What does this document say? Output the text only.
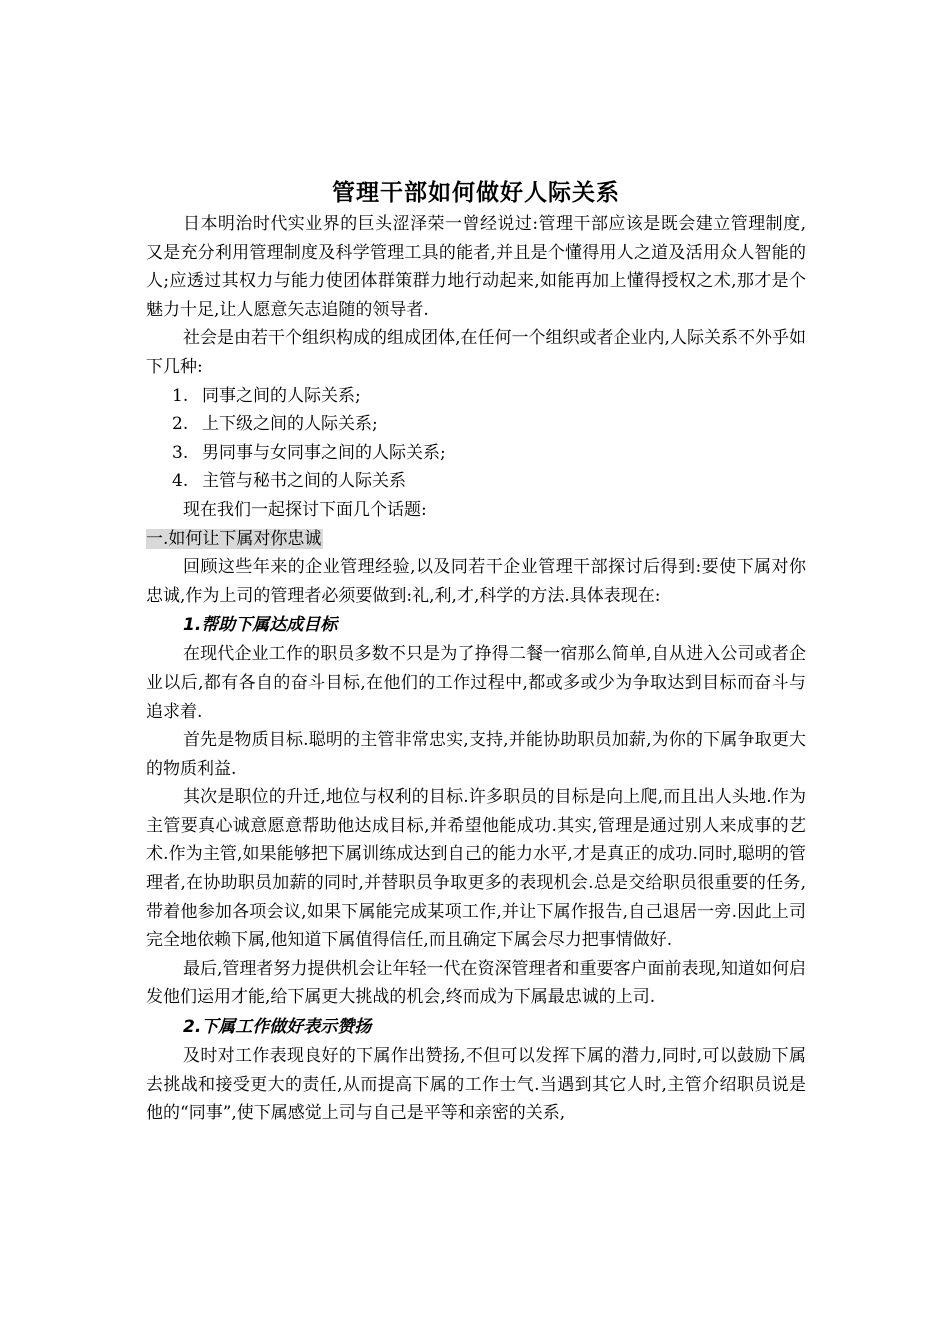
管理干部如何做好人际关系

日本明治时代实业界的巨头涩泽荣一曾经说过:管理干部应该是既会建立管理制度,又是充分利用管理制度及科学管理工具的能者,并且是个懂得用人之道及活用众人智能的人;应透过其权力与能力使团体群策群力地行动起来,如能再加上懂得授权之术,那才是个魅力十足,让人愿意矢志追随的领导者.

社会是由若干个组织构成的组成团体,在任何一个组织或者企业内,人际关系不外乎如下几种:

1. 同事之间的人际关系;
2. 上下级之间的人际关系;
3. 男同事与女同事之间的人际关系;
4. 主管与秘书之间的人际关系

现在我们一起探讨下面几个话题:

一.如何让下属对你忠诚

回顾这些年来的企业管理经验,以及同若干企业管理干部探讨后得到:要使下属对你忠诚,作为上司的管理者必须要做到:礼,利,才,科学的方法.具体表现在:

1.帮助下属达成目标

在现代企业工作的职员多数不只是为了挣得二餐一宿那么简单,自从进入公司或者企业以后,都有各自的奋斗目标,在他们的工作过程中,都或多或少为争取达到目标而奋斗与追求着.

首先是物质目标.聪明的主管非常忠实,支持,并能协助职员加薪,为你的下属争取更大的物质利益.

其次是职位的升迁,地位与权利的目标.许多职员的目标是向上爬,而且出人头地.作为主管要真心诚意愿意帮助他达成目标,并希望他能成功.其实,管理是通过别人来成事的艺术.作为主管,如果能够把下属训练成达到自己的能力水平,才是真正的成功.同时,聪明的管理者,在协助职员加薪的同时,并替职员争取更多的表现机会.总是交给职员很重要的任务,带着他参加各项会议,如果下属能完成某项工作,并让下属作报告,自己退居一旁.因此上司完全地依赖下属,他知道下属值得信任,而且确定下属会尽力把事情做好.

最后,管理者努力提供机会让年轻一代在资深管理者和重要客户面前表现,知道如何启发他们运用才能,给下属更大挑战的机会,终而成为下属最忠诚的上司.

2.下属工作做好表示赞扬

及时对工作表现良好的下属作出赞扬,不但可以发挥下属的潜力,同时,可以鼓励下属去挑战和接受更大的责任,从而提高下属的工作士气.当遇到其它人时,主管介绍职员说是他的“同事”,使下属感觉上司与自己是平等和亲密的关系,
